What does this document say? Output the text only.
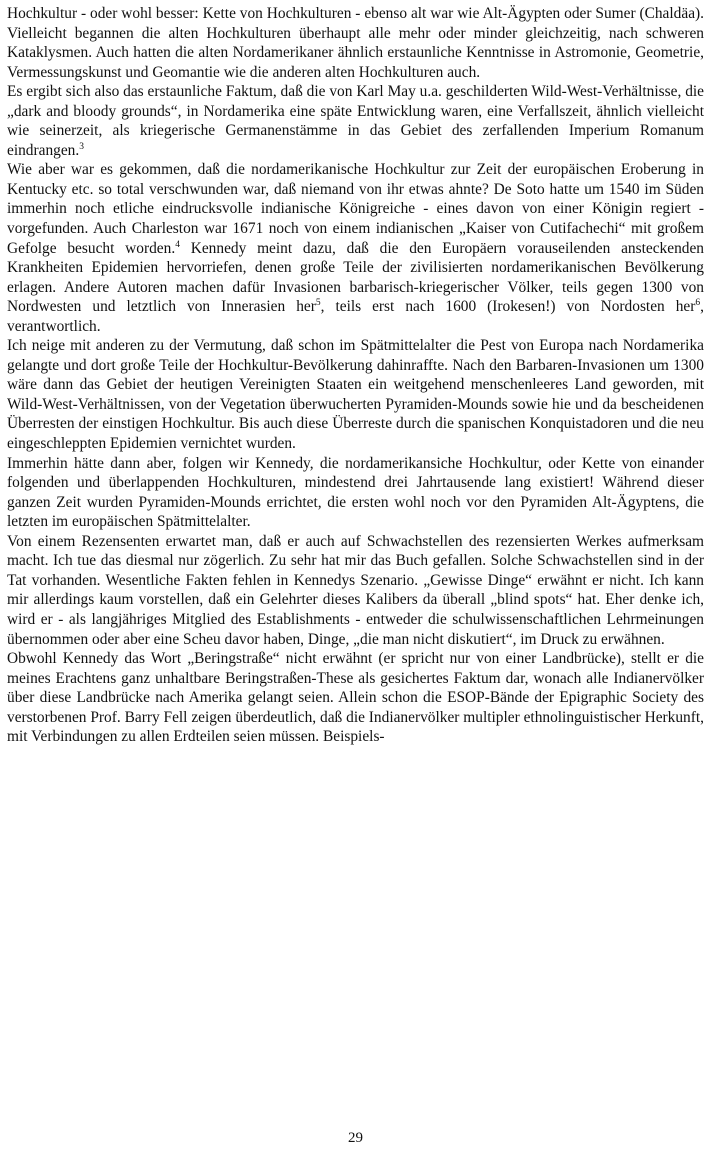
Hochkultur - oder wohl besser: Kette von Hochkulturen - ebenso alt war wie Alt-Ägypten oder Sumer (Chaldäa). Vielleicht begannen die alten Hochkulturen überhaupt alle mehr oder minder gleichzeitig, nach schweren Kataklysmen. Auch hatten die alten Nordamerikaner ähnlich erstaunliche Kenntnisse in Astromonie, Geometrie, Vermessungskunst und Geomantie wie die anderen alten Hochkulturen auch.

Es ergibt sich also das erstaunliche Faktum, daß die von Karl May u.a. geschilderten Wild-West-Verhältnisse, die „dark and bloody grounds“, in Nordamerika eine späte Entwicklung waren, eine Verfallszeit, ähnlich vielleicht wie seinerzeit, als kriegerische Germanenstämme in das Gebiet des zerfallenden Imperium Romanum eindrangen.$^3$

Wie aber war es gekommen, daß die nordamerikanische Hochkultur zur Zeit der europäischen Eroberung in Kentucky etc. so total verschwunden war, daß niemand von ihr etwas ahnte? De Soto hatte um 1540 im Süden immerhin noch etliche eindrucksvolle indianische Königreiche - eines davon von einer Königin regiert - vorgefunden. Auch Charleston war 1671 noch von einem indianischen „Kaiser von Cutifachechi“ mit großem Gefolge besucht worden.$^4$ Kennedy meint dazu, daß die den Europäern vorauseilenden ansteckenden Krankheiten Epidemien hervorriefen, denen große Teile der zivilisierten nordamerikanischen Bevölkerung erlagen. Andere Autoren machen dafür Invasionen barbarisch-kriegerischer Völker, teils gegen 1300 von Nordwesten und letztlich von Innerasien her$^5$, teils erst nach 1600 (Irokesen!) von Nordosten her$^6$, verantwortlich.

Ich neige mit anderen zu der Vermutung, daß schon im Spätmittelalter die Pest von Europa nach Nordamerika gelangte und dort große Teile der Hochkultur-Bevölkerung dahinraffte. Nach den Barbaren-Invasionen um 1300 wäre dann das Gebiet der heutigen Vereinigten Staaten ein weitgehend menschenleeres Land geworden, mit Wild-West-Verhältnissen, von der Vegetation überwucherten Pyramiden-Mounds sowie hie und da bescheidenen Überresten der einstigen Hochkultur. Bis auch diese Überreste durch die spanischen Konquistadoren und die neu eingeschleppten Epidemien vernichtet wurden.

Immerhin hätte dann aber, folgen wir Kennedy, die nordamerikansiche Hochkultur, oder Kette von einander folgenden und überlappenden Hochkulturen, mindestend drei Jahrtausende lang existiert! Während dieser ganzen Zeit wurden Pyramiden-Mounds errichtet, die ersten wohl noch vor den Pyramiden Alt-Ägyptens, die letzten im europäischen Spätmittelalter.

Von einem Rezensenten erwartet man, daß er auch auf Schwachstellen des rezensierten Werkes aufmerksam macht. Ich tue das diesmal nur zögerlich. Zu sehr hat mir das Buch gefallen. Solche Schwachstellen sind in der Tat vorhanden. Wesentliche Fakten fehlen in Kennedys Szenario. „Gewisse Dinge“ erwähnt er nicht. Ich kann mir allerdings kaum vorstellen, daß ein Gelehrter dieses Kalibers da überall „blind spots“ hat. Eher denke ich, wird er - als langjähriges Mitglied des Establishments - entweder die schulwissenschaftlichen Lehrmeinungen übernommen oder aber eine Scheu davor haben, Dinge, „die man nicht diskutiert“, im Druck zu erwähnen.

Obwohl Kennedy das Wort „Beringstraße“ nicht erwähnt (er spricht nur von einer Landbrücke), stellt er die meines Erachtens ganz unhaltbare Beringstraßen-These als gesichertes Faktum dar, wonach alle Indianervölker über diese Landbrücke nach Amerika gelangt seien. Allein schon die ESOP-Bände der Epigraphic Society des verstorbenen Prof. Barry Fell zeigen überdeutlich, daß die Indianervölker multipler ethnolinguistischer Herkunft, mit Verbindungen zu allen Erdteilen seien müssen. Beispiels-

29
